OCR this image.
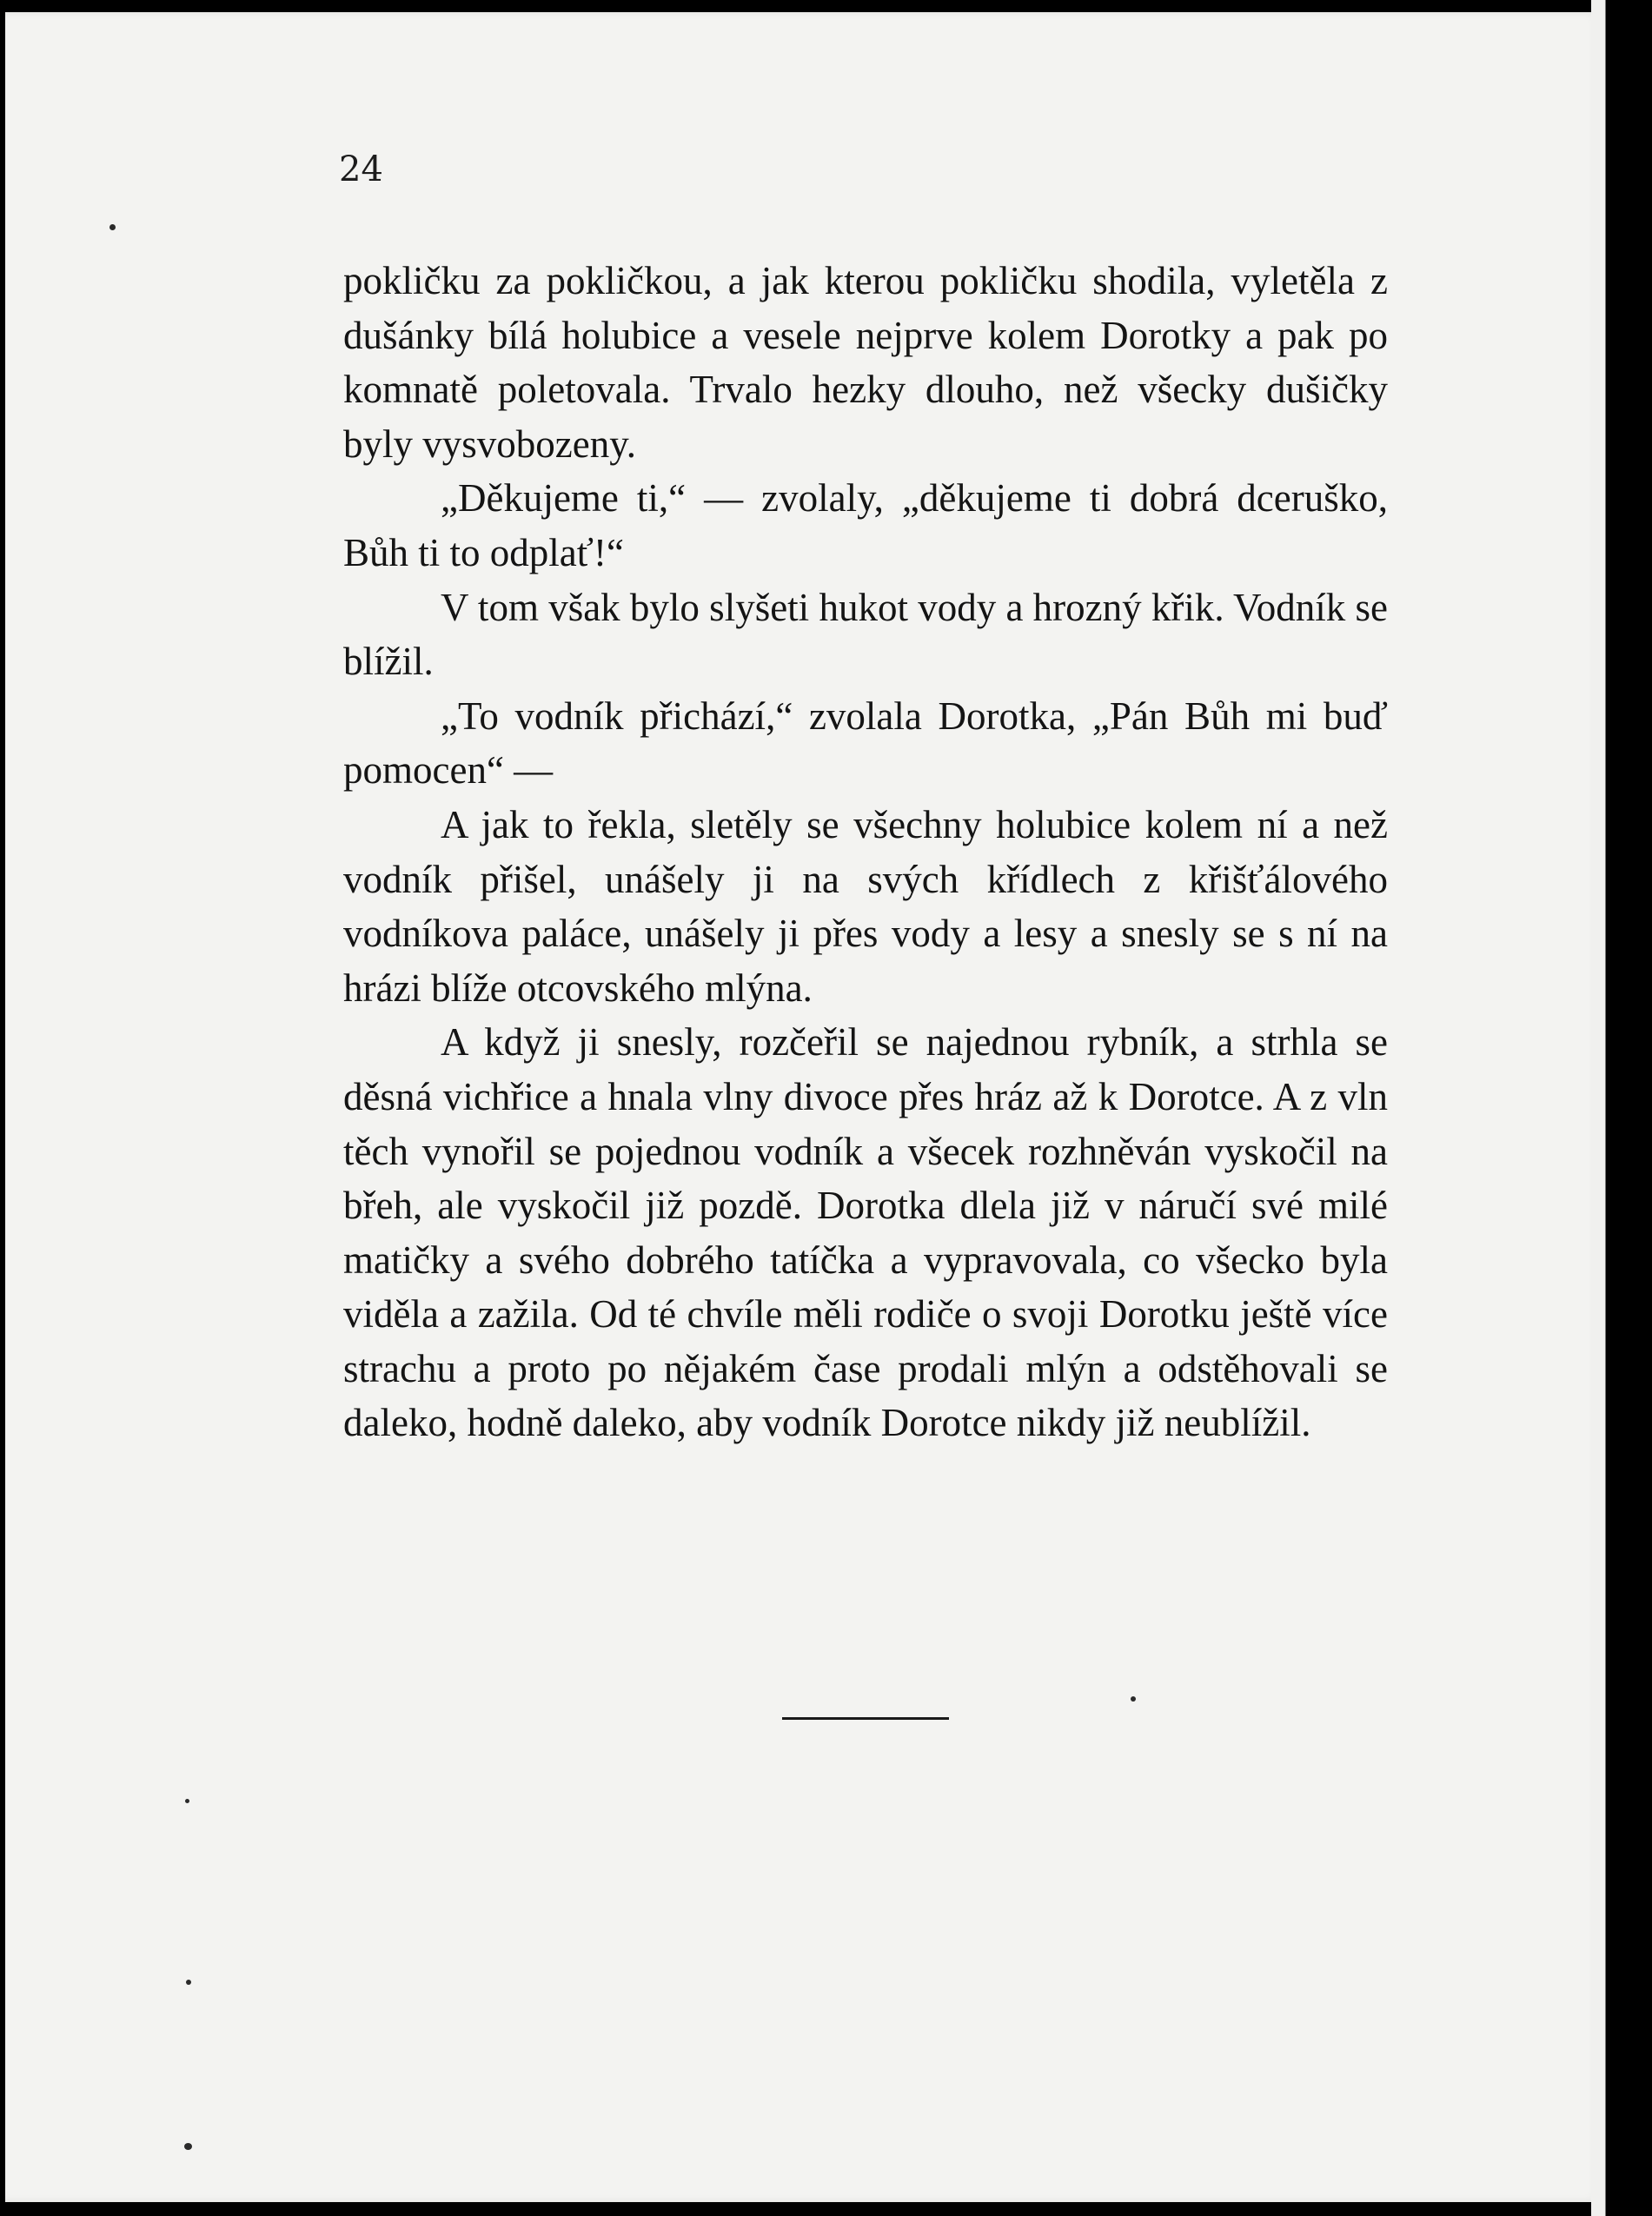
24

pokličku za pokličkou, a jak kterou pokličku shodila, vyletěla z dušánky bílá holubice a vesele nejprve kolem Dorotky a pak po komnatě poletovala. Trvalo hezky dlouho, než všecky dušičky byly vysvobozeny.

„Děkujeme ti,“ — zvolaly, „děkujeme ti dobrá dceruško, Bůh ti to odplať!“

V tom však bylo slyšeti hukot vody a hrozný křik. Vodník se blížil.

„To vodník přichází,“ zvolala Dorotka, „Pán Bůh mi buď pomocen“ —

A jak to řekla, sletěly se všechny holubice kolem ní a než vodník přišel, unášely ji na svých křídlech z křišťálového vodníkova paláce, unášely ji přes vody a lesy a snesly se s ní na hrázi blíže otcovského mlýna.

A když ji snesly, rozčeřil se najednou rybník, a strhla se děsná vichřice a hnala vlny divoce přes hráz až k Dorotce. A z vln těch vynořil se pojednou vodník a všecek rozhněván vyskočil na břeh, ale vyskočil již pozdě. Dorotka dlela již v náručí své milé matičky a svého dobrého tatíčka a vypravovala, co všecko byla viděla a zažila. Od té chvíle měli rodiče o svoji Dorotku ještě více strachu a proto po nějakém čase prodali mlýn a odstěhovali se daleko, hodně daleko, aby vodník Dorotce nikdy již neublížil.
